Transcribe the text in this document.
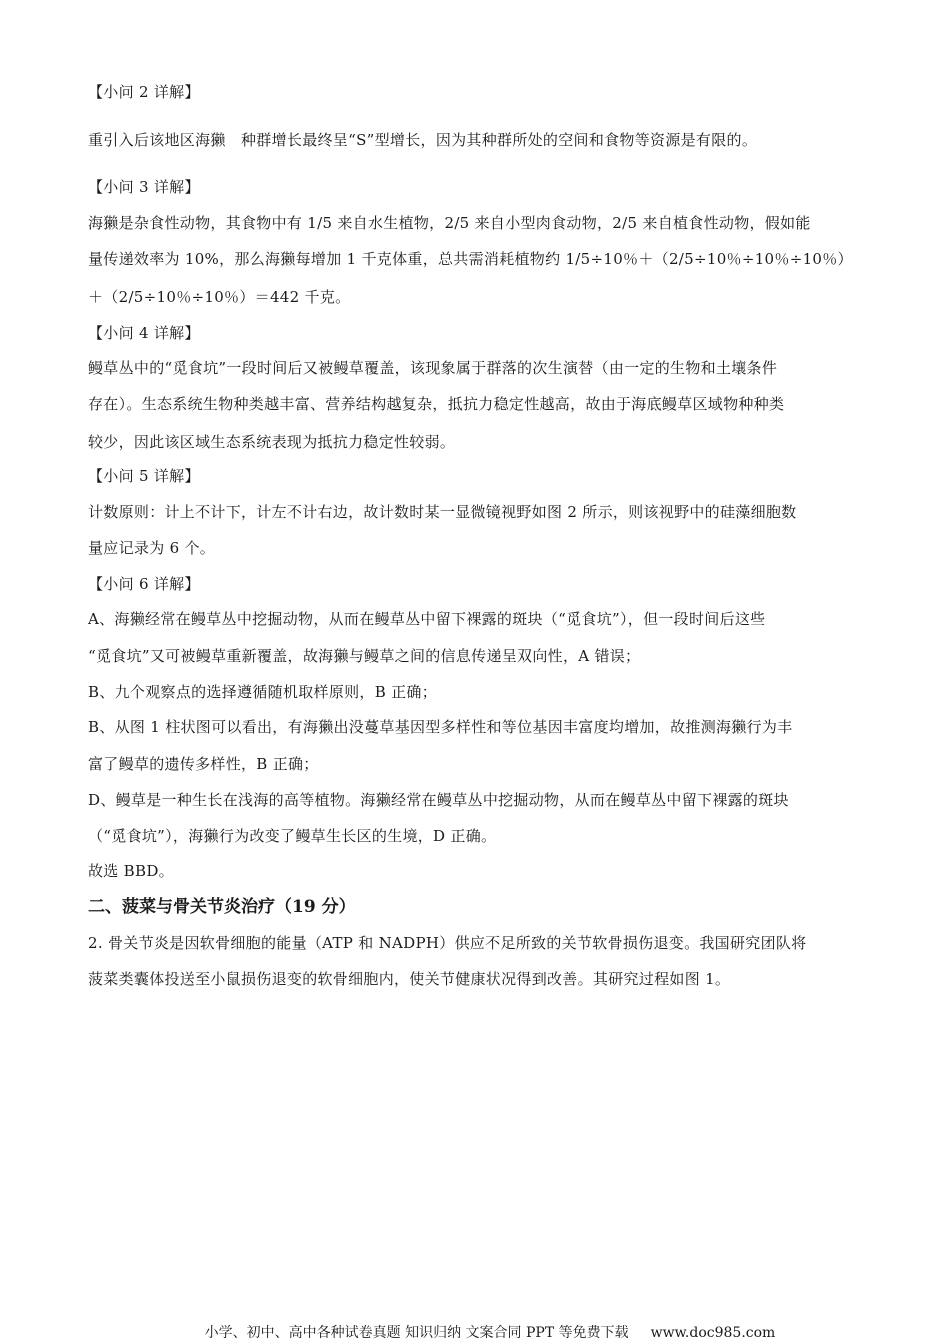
【小问 2 详解】
重引入后该地区海獭　种群增长最终呈“S”型增长，因为其种群所处的空间和食物等资源是有限的。
【小问 3 详解】
海獭是杂食性动物，其食物中有 1/5 来自水生植物，2/5 来自小型肉食动物，2/5 来自植食性动物，假如能
量传递效率为 10%，那么海獭每增加 1 千克体重，总共需消耗植物约 1/5÷10％＋（2/5÷10％÷10％÷10％）
＋（2/5÷10％÷10％）＝442 千克。
【小问 4 详解】
鳗草丛中的“觅食坑”一段时间后又被鳗草覆盖，该现象属于群落的次生演替（由一定的生物和土壤条件
存在）。生态系统生物种类越丰富、营养结构越复杂，抵抗力稳定性越高，故由于海底鳗草区域物种种类
较少，因此该区域生态系统表现为抵抗力稳定性较弱。
【小问 5 详解】
计数原则：计上不计下，计左不计右边，故计数时某一显微镜视野如图 2 所示，则该视野中的硅藻细胞数
量应记录为 6 个。
【小问 6 详解】
A、海獭经常在鳗草丛中挖掘动物，从而在鳗草丛中留下裸露的斑块（“觅食坑”），但一段时间后这些
“觅食坑”又可被鳗草重新覆盖，故海獭与鳗草之间的信息传递呈双向性，A 错误；
B、九个观察点的选择遵循随机取样原则，B 正确；
B、从图 1 柱状图可以看出，有海獭出没蔓草基因型多样性和等位基因丰富度均增加，故推测海獭行为丰
富了鳗草的遗传多样性，B 正确；
D、鳗草是一种生长在浅海的高等植物。海獭经常在鳗草丛中挖掘动物，从而在鳗草丛中留下裸露的斑块
（“觅食坑”），海獭行为改变了鳗草生长区的生境，D 正确。
故选 BBD。
二、菠菜与骨关节炎治疗（19 分）
2. 骨关节炎是因软骨细胞的能量（ATP 和 NADPH）供应不足所致的关节软骨损伤退变。我国研究团队将
菠菜类囊体投送至小鼠损伤退变的软骨细胞内，使关节健康状况得到改善。其研究过程如图 1。
小学、初中、高中各种试卷真题 知识归纳 文案合同 PPT 等免费下载 www.doc985.com
